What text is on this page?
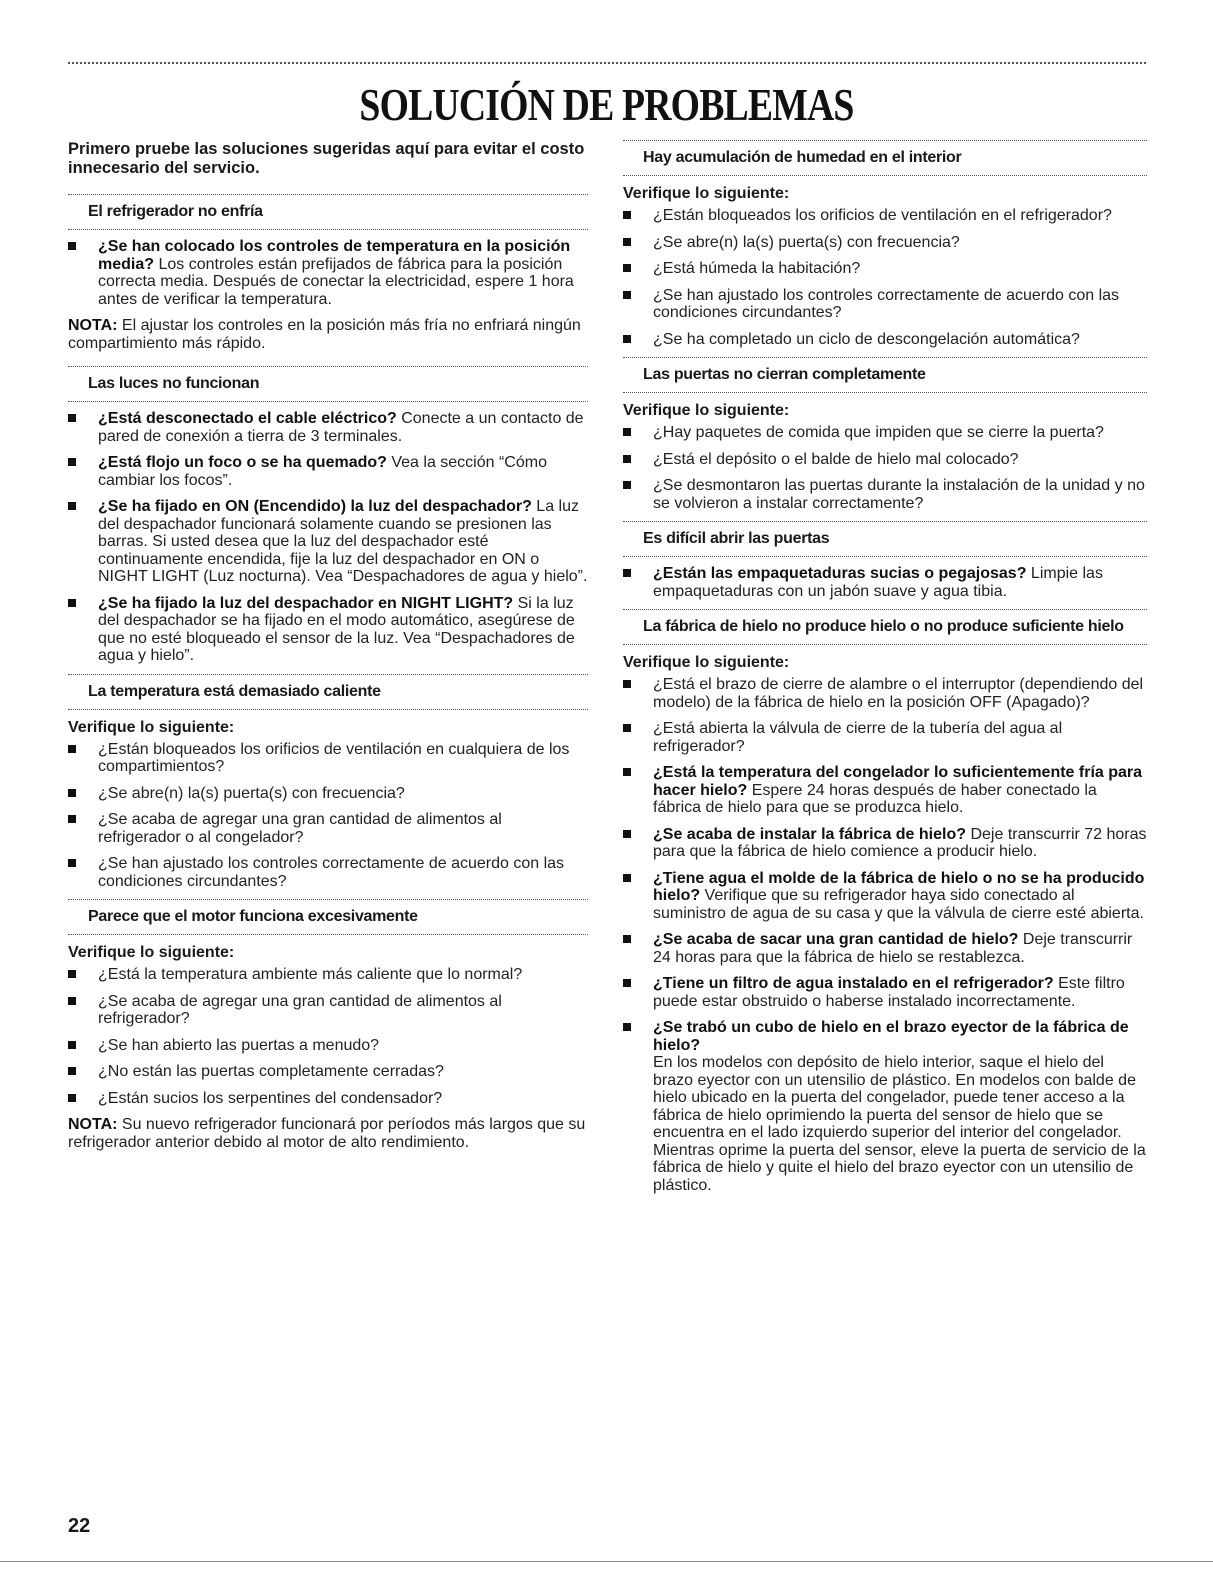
SOLUCIÓN DE PROBLEMAS

Primero pruebe las soluciones sugeridas aquí para evitar el costo innecesario del servicio.

El refrigerador no enfría
¿Se han colocado los controles de temperatura en la posición media? Los controles están prefijados de fábrica para la posición correcta media. Después de conectar la electricidad, espere 1 hora antes de verificar la temperatura.

NOTA: El ajustar los controles en la posición más fría no enfriará ningún compartimiento más rápido.

Las luces no funcionan
¿Está desconectado el cable eléctrico? Conecte a un contacto de pared de conexión a tierra de 3 terminales.
¿Está flojo un foco o se ha quemado? Vea la sección “Cómo cambiar los focos”.
¿Se ha fijado en ON (Encendido) la luz del despachador? La luz del despachador funcionará solamente cuando se presionen las barras. Si usted desea que la luz del despachador esté continuamente encendida, fije la luz del despachador en ON o NIGHT LIGHT (Luz nocturna). Vea “Despachadores de agua y hielo”.
¿Se ha fijado la luz del despachador en NIGHT LIGHT? Si la luz del despachador se ha fijado en el modo automático, asegúrese de que no esté bloqueado el sensor de la luz. Vea “Despachadores de agua y hielo”.
La temperatura está demasiado caliente
Verifique lo siguiente:
¿Están bloqueados los orificios de ventilación en cualquiera de los compartimientos?
¿Se abre(n) la(s) puerta(s) con frecuencia?
¿Se acaba de agregar una gran cantidad de alimentos al refrigerador o al congelador?
¿Se han ajustado los controles correctamente de acuerdo con las condiciones circundantes?
Parece que el motor funciona excesivamente
Verifique lo siguiente:
¿Está la temperatura ambiente más caliente que lo normal?
¿Se acaba de agregar una gran cantidad de alimentos al refrigerador?
¿Se han abierto las puertas a menudo?
¿No están las puertas completamente cerradas?
¿Están sucios los serpentines del condensador?

NOTA: Su nuevo refrigerador funcionará por períodos más largos que su refrigerador anterior debido al motor de alto rendimiento.

Hay acumulación de humedad en el interior
Verifique lo siguiente:
¿Están bloqueados los orificios de ventilación en el refrigerador?
¿Se abre(n) la(s) puerta(s) con frecuencia?
¿Está húmeda la habitación?
¿Se han ajustado los controles correctamente de acuerdo con las condiciones circundantes?
¿Se ha completado un ciclo de descongelación automática?
Las puertas no cierran completamente
Verifique lo siguiente:
¿Hay paquetes de comida que impiden que se cierre la puerta?
¿Está el depósito o el balde de hielo mal colocado?
¿Se desmontaron las puertas durante la instalación de la unidad y no se volvieron a instalar correctamente?
Es difícil abrir las puertas
¿Están las empaquetaduras sucias o pegajosas? Limpie las empaquetaduras con un jabón suave y agua tibia.
La fábrica de hielo no produce hielo o no produce suficiente hielo
Verifique lo siguiente:
¿Está el brazo de cierre de alambre o el interruptor (dependiendo del modelo) de la fábrica de hielo en la posición OFF (Apagado)?
¿Está abierta la válvula de cierre de la tubería del agua al refrigerador?
¿Está la temperatura del congelador lo suficientemente fría para hacer hielo? Espere 24 horas después de haber conectado la fábrica de hielo para que se produzca hielo.
¿Se acaba de instalar la fábrica de hielo? Deje transcurrir 72 horas para que la fábrica de hielo comience a producir hielo.
¿Tiene agua el molde de la fábrica de hielo o no se ha producido hielo? Verifique que su refrigerador haya sido conectado al suministro de agua de su casa y que la válvula de cierre esté abierta.
¿Se acaba de sacar una gran cantidad de hielo? Deje transcurrir 24 horas para que la fábrica de hielo se restablezca.
¿Tiene un filtro de agua instalado en el refrigerador? Este filtro puede estar obstruido o haberse instalado incorrectamente.
¿Se trabó un cubo de hielo en el brazo eyector de la fábrica de hielo?
En los modelos con depósito de hielo interior, saque el hielo del brazo eyector con un utensilio de plástico. En modelos con balde de hielo ubicado en la puerta del congelador, puede tener acceso a la fábrica de hielo oprimiendo la puerta del sensor de hielo que se encuentra en el lado izquierdo superior del interior del congelador. Mientras oprime la puerta del sensor, eleve la puerta de servicio de la fábrica de hielo y quite el hielo del brazo eyector con un utensilio de plástico.
22
